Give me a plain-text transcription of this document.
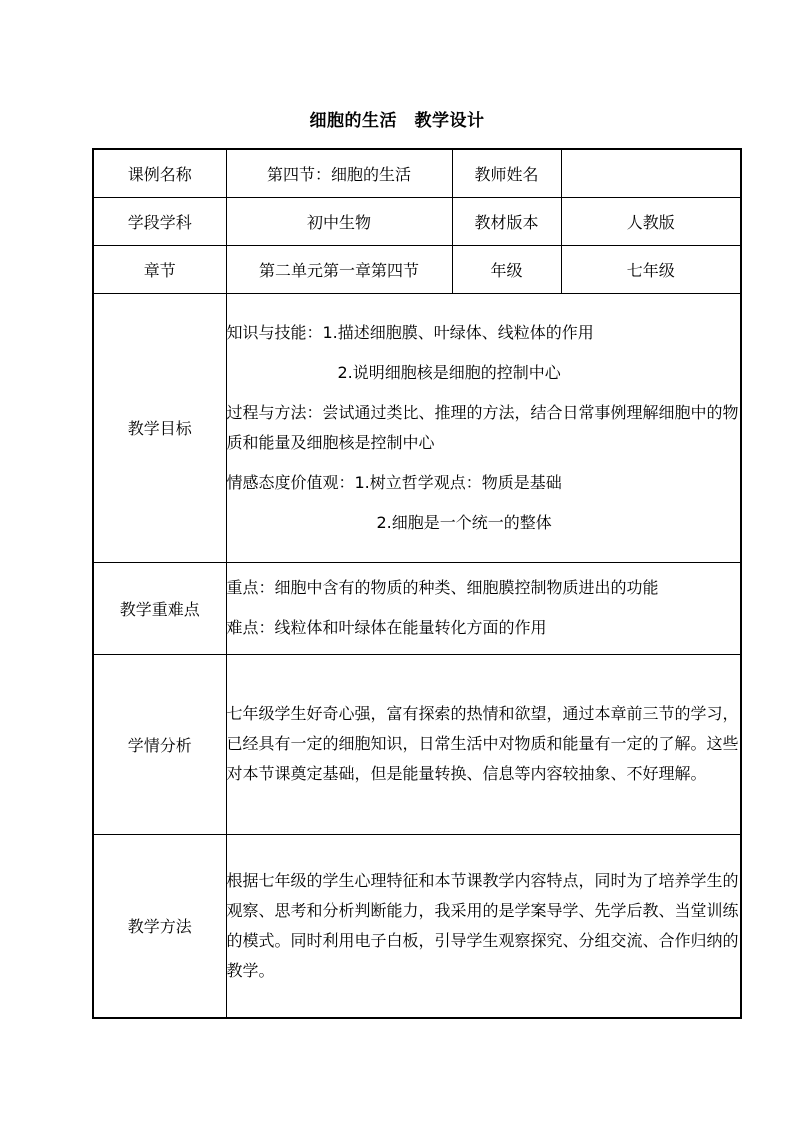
细胞的生活　教学设计
课例名称	第四节：细胞的生活	教师姓名	
学段学科	初中生物	教材版本	人教版
章节	第二单元第一章第四节	年级	七年级
教学目标	知识与技能：1.描述细胞膜、叶绿体、线粒体的作用
2.说明细胞核是细胞的控制中心
过程与方法：尝试通过类比、推理的方法，结合日常事例理解细胞中的物质和能量及细胞核是控制中心
情感态度价值观：1.树立哲学观点：物质是基础
2.细胞是一个统一的整体		

教学重难点	重点：细胞中含有的物质的种类、细胞膜控制物质进出的功能
难点：线粒体和叶绿体在能量转化方面的作用		

学情分析	七年级学生好奇心强，富有探索的热情和欲望，通过本章前三节的学习，已经具有一定的细胞知识，日常生活中对物质和能量有一定的了解。这些对本节课奠定基础，但是能量转换、信息等内容较抽象、不好理解。		

教学方法	根据七年级的学生心理特征和本节课教学内容特点，同时为了培养学生的观察、思考和分析判断能力，我采用的是学案导学、先学后教、当堂训练的模式。同时利用电子白板，引导学生观察探究、分组交流、合作归纳的教学。		
